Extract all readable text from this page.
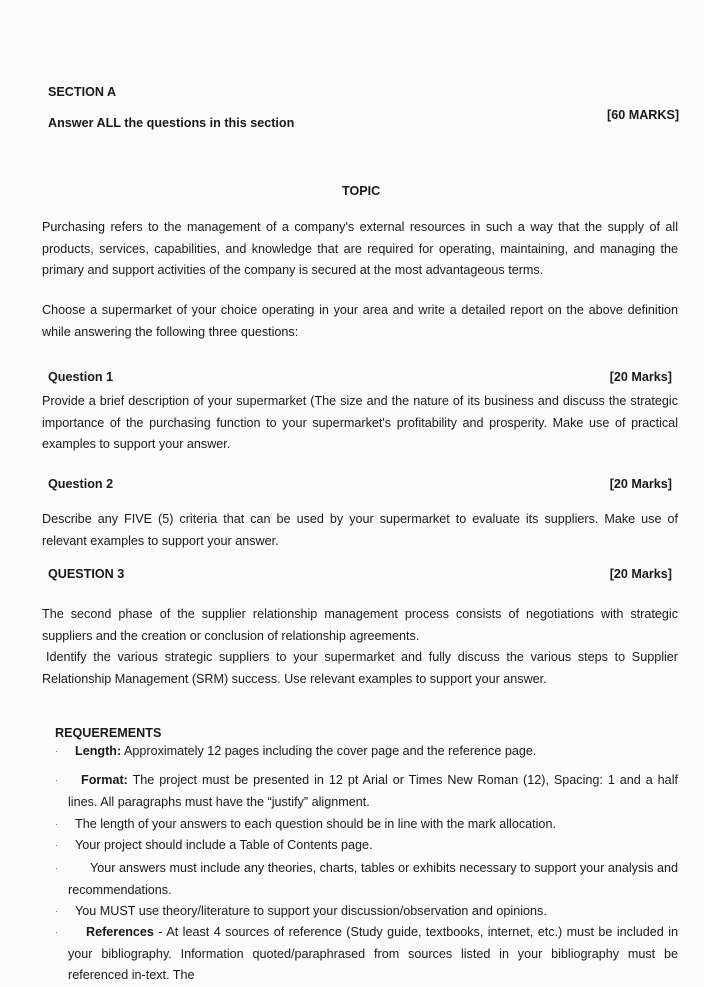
SECTION A
Answer ALL the questions in this section
[60 MARKS]
TOPIC
Purchasing refers to the management of a company's external resources in such a way that the supply of all products, services, capabilities, and knowledge that are required for operating, maintaining, and managing the primary and support activities of the company is secured at the most advantageous terms.
Choose a supermarket of your choice operating in your area and write a detailed report on the above definition while answering the following three questions:
Question 1	[20 Marks]
Provide a brief description of your supermarket (The size and the nature of its business and discuss the strategic importance of the purchasing function to your supermarket's profitability and prosperity. Make use of practical examples to support your answer.
Question 2	[20 Marks]
Describe any FIVE (5) criteria that can be used by your supermarket to evaluate its suppliers. Make use of relevant examples to support your answer.
QUESTION 3	[20 Marks]
The second phase of the supplier relationship management process consists of negotiations with strategic suppliers and the creation or conclusion of relationship agreements.
Identify the various strategic suppliers to your supermarket and fully discuss the various steps to Supplier Relationship Management (SRM) success. Use relevant examples to support your answer.
REQUEREMENTS
· Length: Approximately 12 pages including the cover page and the reference page.
·	Format: The project must be presented in 12 pt Arial or Times New Roman (12), Spacing: 1 and a half lines. All paragraphs must have the “justify” alignment.
· The length of your answers to each question should be in line with the mark allocation.
· Your project should include a Table of Contents page.
·	Your answers must include any theories, charts, tables or exhibits necessary to support your analysis and recommendations.
· You MUST use theory/literature to support your discussion/observation and opinions.
·	References - At least 4 sources of reference (Study guide, textbooks, internet, etc.) must be included in your bibliography. Information quoted/paraphrased from sources listed in your bibliography must be referenced in-text. The
